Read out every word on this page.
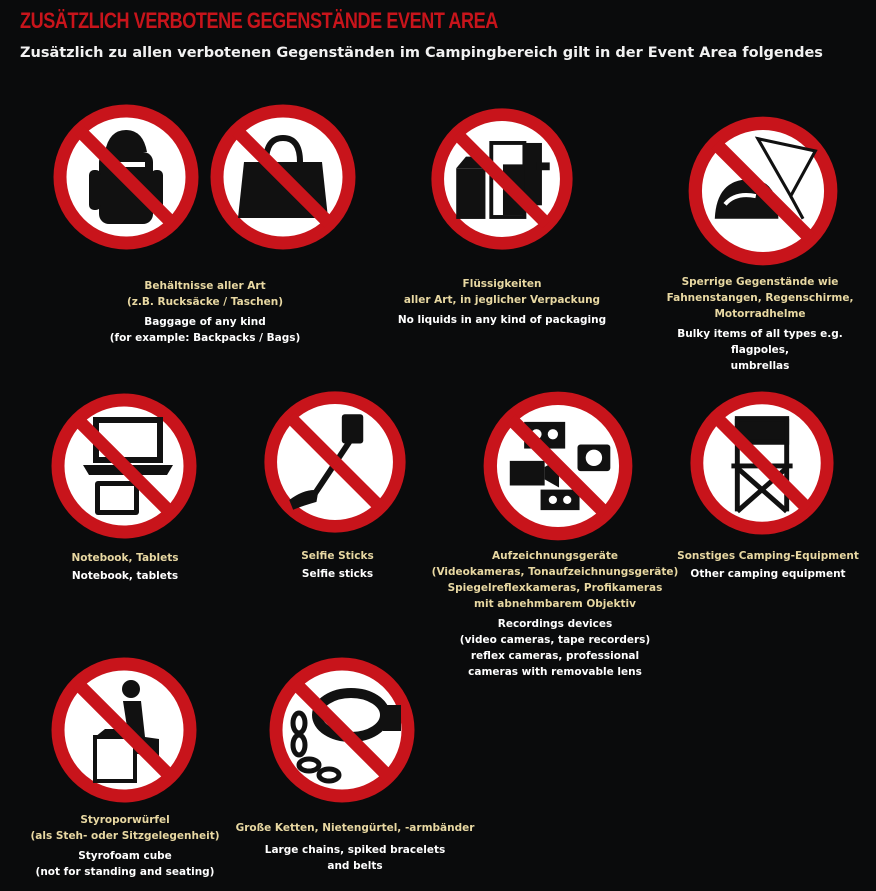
ZUSÄTZLICH VERBOTENE GEGENSTÄNDE EVENT AREA
Zusätzlich zu allen verbotenen Gegenständen im Campingbereich gilt in der Event Area folgendes
Behältnisse aller Art
(z.B. Rucksäcke / Taschen)
Baggage of any kind
(for example: Backpacks / Bags)
Flüssigkeiten
aller Art, in jeglicher Verpackung
No liquids in any kind of packaging
Sperrige Gegenstände wie
Fahnenstangen, Regenschirme,
Motorradhelme
Bulky items of all types e.g. flagpoles,
umbrellas
Notebook, Tablets
Notebook, tablets
Selfie Sticks
Selfie sticks
Aufzeichnungsgeräte
(Videokameras, Tonaufzeichnungsgeräte)
Spiegelreflexkameras, Profikameras
mit abnehmbarem Objektiv
Recordings devices
(video cameras, tape recorders)
reflex cameras, professional
cameras with removable lens
Sonstiges Camping-Equipment
Other camping equipment
Styroporwürfel
(als Steh- oder Sitzgelegenheit)
Styrofoam cube
(not for standing and seating)
Große Ketten, Nietengürtel, -armbänder
Large chains, spiked bracelets
and belts
